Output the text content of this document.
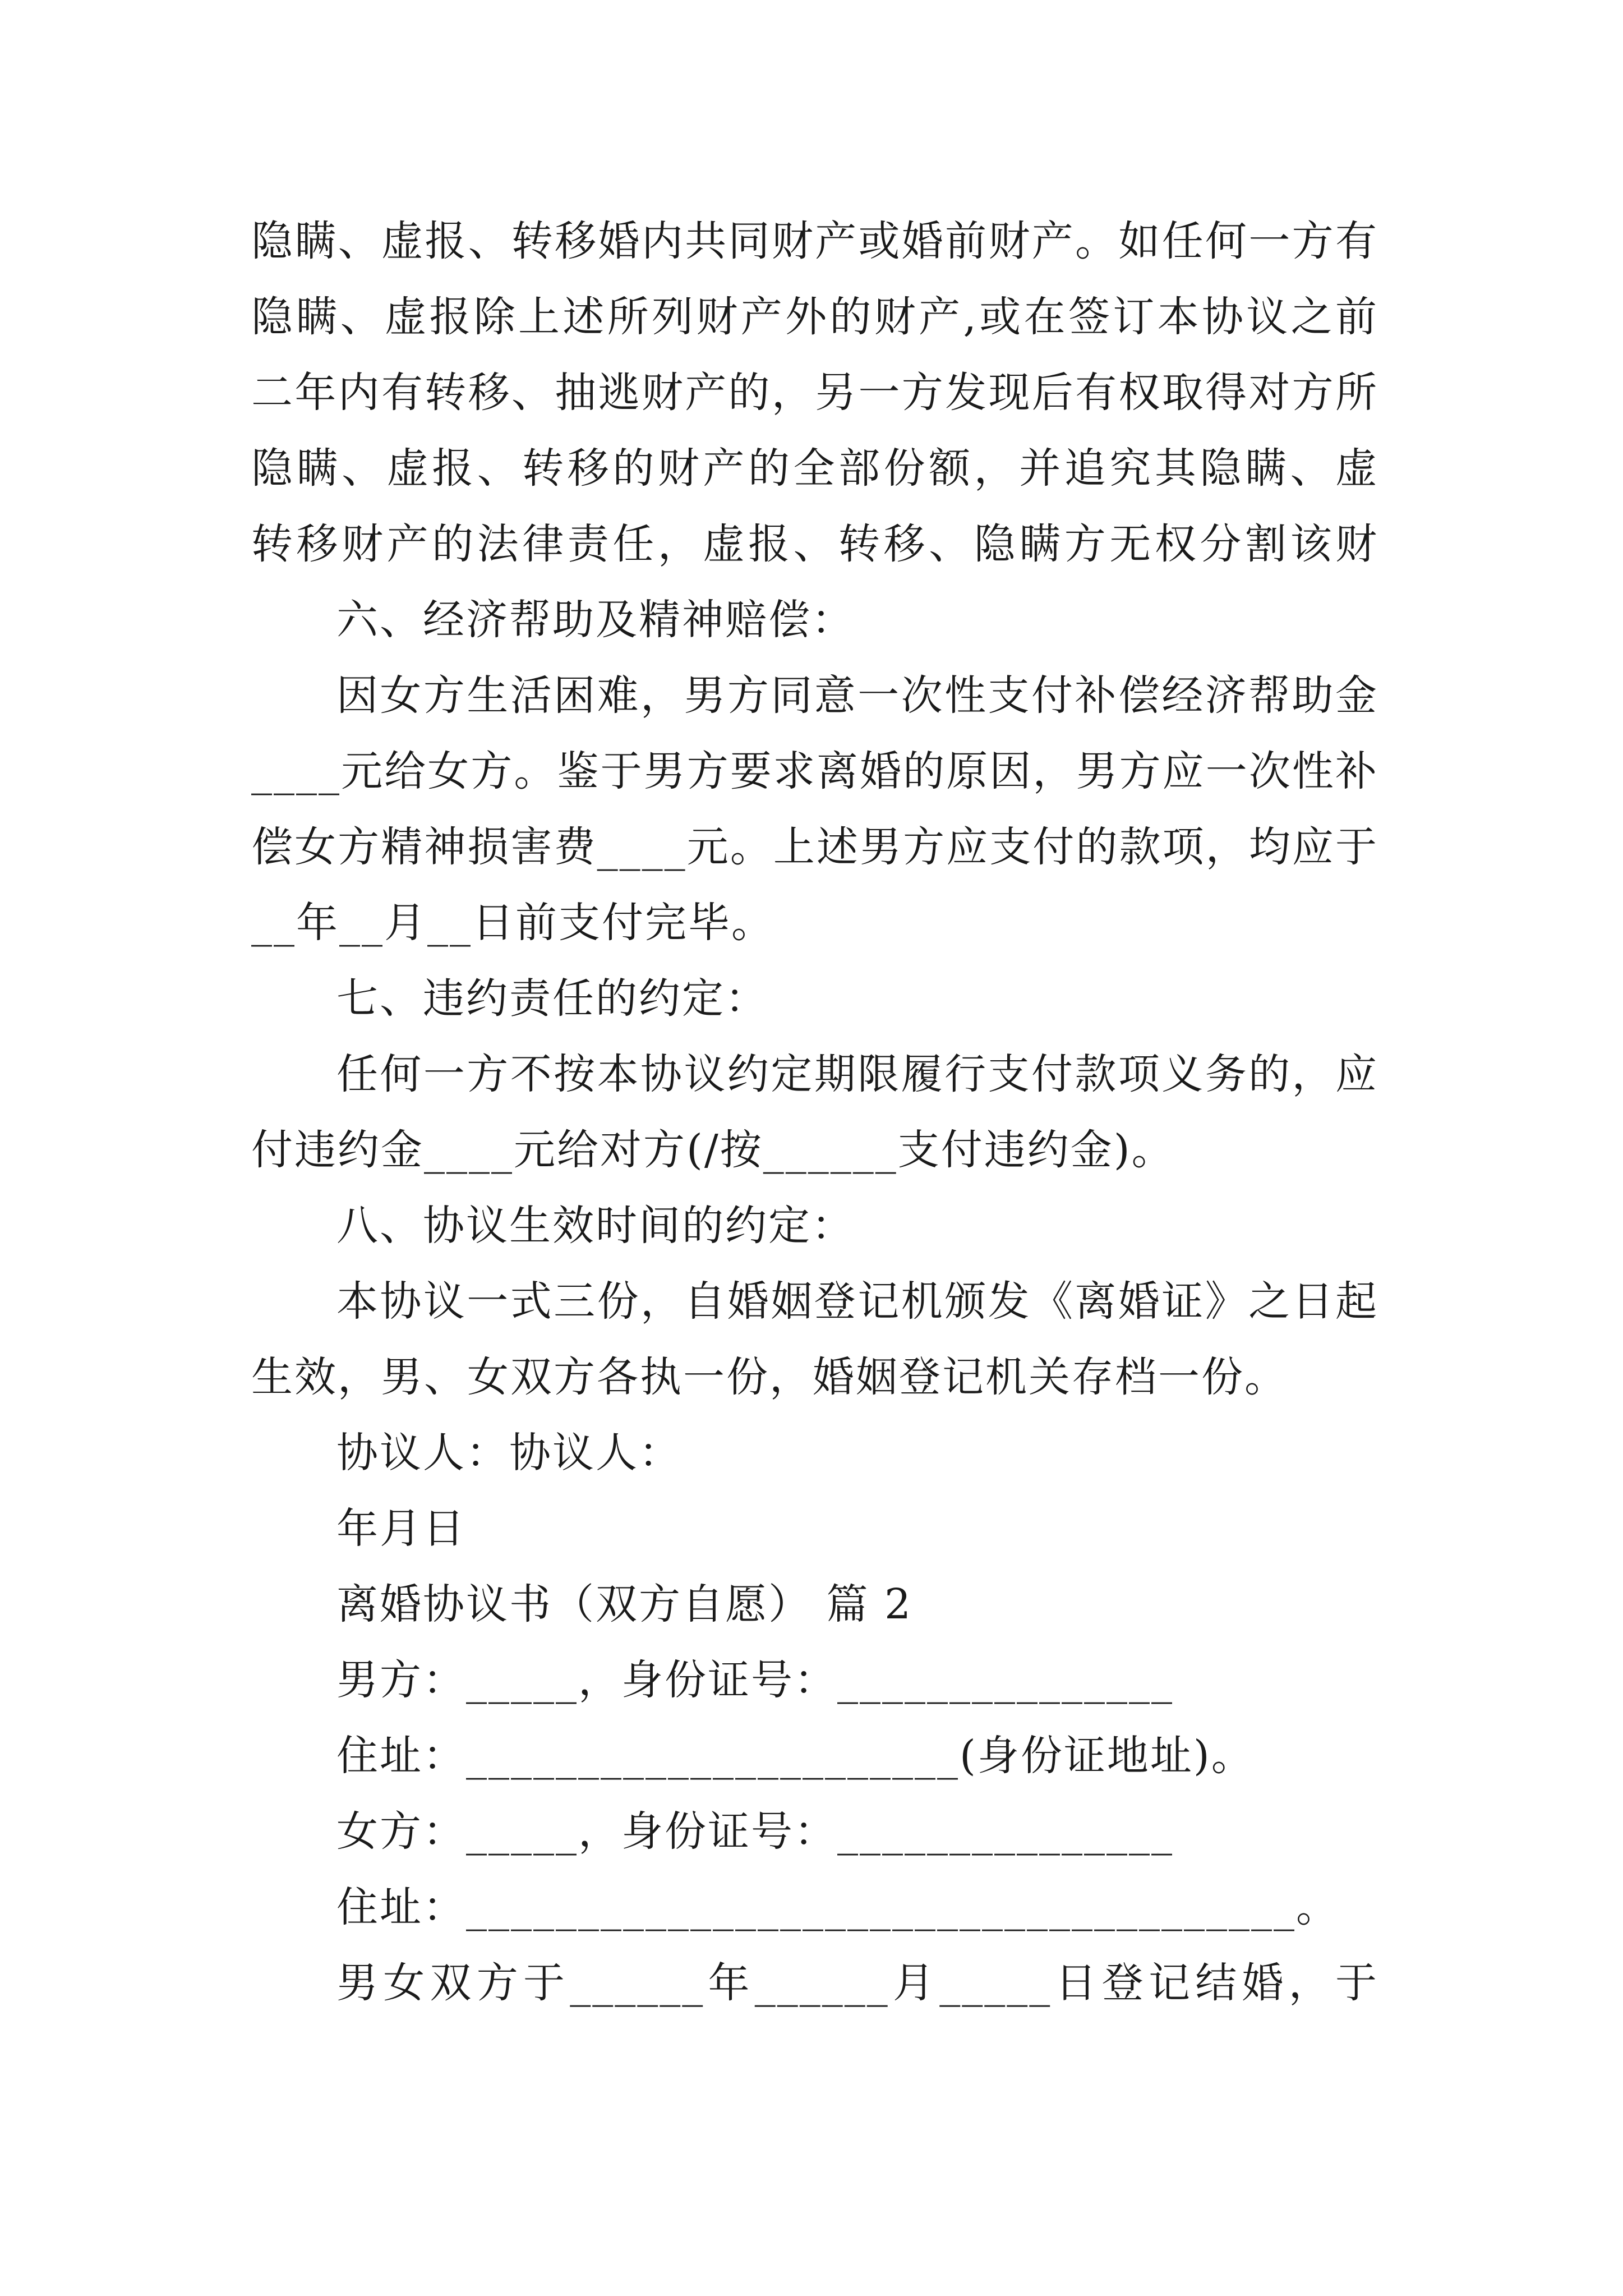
隐瞒、虚报、转移婚内共同财产或婚前财产。如任何一方有
隐瞒、虚报除上述所列财产外的财产,或在签订本协议之前
二年内有转移、抽逃财产的，另一方发现后有权取得对方所
隐瞒、虚报、转移的财产的全部份额，并追究其隐瞒、虚
转移财产的法律责任，虚报、转移、隐瞒方无权分割该财
六、经济帮助及精神赔偿：
因女方生活困难，男方同意一次性支付补偿经济帮助金
____元给女方。鉴于男方要求离婚的原因，男方应一次性补
偿女方精神损害费____元。上述男方应支付的款项，均应于
__年__月__日前支付完毕。
七、违约责任的约定：
任何一方不按本协议约定期限履行支付款项义务的，应
付违约金____元给对方(/按______支付违约金)。
八、协议生效时间的约定：
本协议一式三份，自婚姻登记机颁发《离婚证》之日起
生效，男、女双方各执一份，婚姻登记机关存档一份。
协议人：协议人：
年月日
离婚协议书（双方自愿） 篇 2
男方：_____，身份证号：_______________
住址：______________________(身份证地址)。
女方：_____，身份证号：_______________
住址：_____________________________________。
男女双方于______年______月_____日登记结婚，于
